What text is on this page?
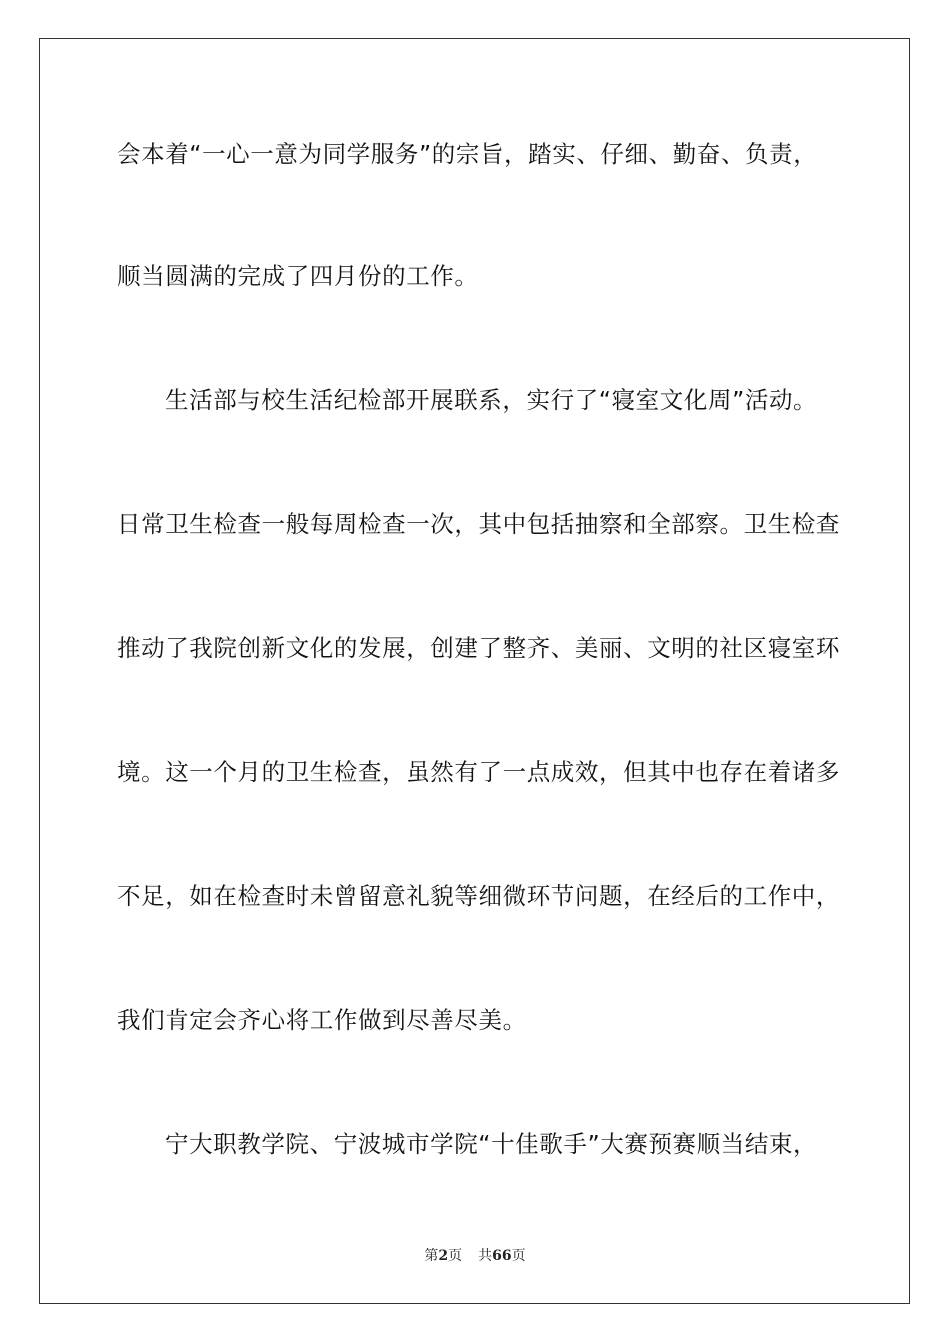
会本着“一心一意为同学服务”的宗旨，踏实、仔细、勤奋、负责，
顺当圆满的完成了四月份的工作。
生活部与校生活纪检部开展联系，实行了“寝室文化周”活动。
日常卫生检查一般每周检查一次，其中包括抽察和全部察。卫生检查
推动了我院创新文化的发展，创建了整齐、美丽、文明的社区寝室环
境。这一个月的卫生检查，虽然有了一点成效，但其中也存在着诸多
不足，如在检查时未曾留意礼貌等细微环节问题，在经后的工作中，
我们肯定会齐心将工作做到尽善尽美。
宁大职教学院、宁波城市学院“十佳歌手”大赛预赛顺当结束，
第2页 共66页
